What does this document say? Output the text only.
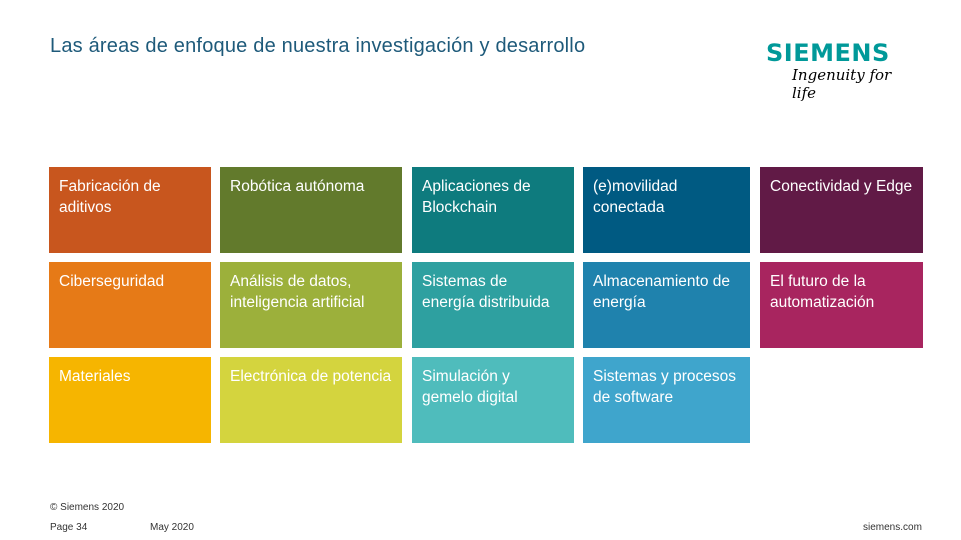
Las áreas de enfoque de nuestra investigación y desarrollo	SIEMENS
Ingenuity for life
Fabricación de aditivos
Robótica autónoma	Aplicaciones de Blockchain
(e)movilidad conectada
Conectividad y Edge
Ciberseguridad	Análisis de datos, inteligencia artificial
Sistemas de energía distribuida
Almacenamiento de energía
El futuro de la automatización
Materiales	Electrónica de potencia	Simulación y gemelo digital
Sistemas y procesos de software
© Siemens 2020
Page 34	May 2020	siemens.com
